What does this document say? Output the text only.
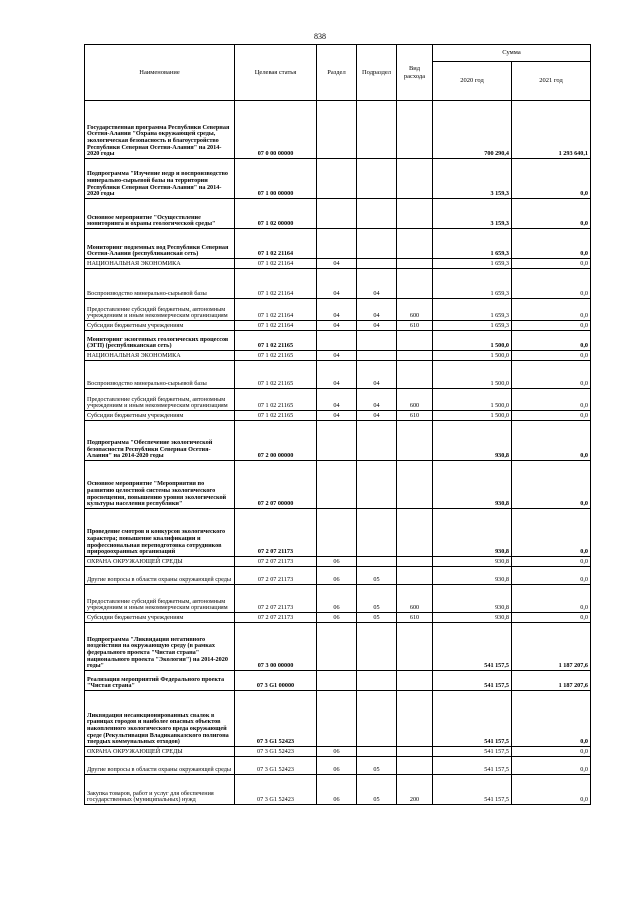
838
Наименование	Целевая статья	Раздел	Подраздел	Вид расхода	Сумма	
					2020 год	2021 год
Государственная программа Республики Северная Осетия-Алания "Охрана окружающей среды, экологическая безопасность и благоустройство Республики Северная Осетия-Алания" на 2014-2020 годы	07 0 00 00000				700 290,4	1 293 640,1
Подпрограмма "Изучение недр и воспроизводство минерально-сырьевой базы на территории Республики Северная Осетия-Алания" на 2014-2020 годы	07 1 00 00000				3 159,3	0,0
Основное мероприятие "Осуществление мониторинга и охраны геологической среды"	07 1 02 00000				3 159,3	0,0
Мониторинг подземных вод Республики Северная Осетия-Алания (республиканская сеть)	07 1 02 21164				1 659,3	0,0
НАЦИОНАЛЬНАЯ ЭКОНОМИКА	07 1 02 21164	04			1 659,3	0,0
Воспроизводство минерально-сырьевой базы	07 1 02 21164	04	04		1 659,3	0,0
Предоставление субсидий бюджетным, автономным учреждениям и иным некоммерческим организациям	07 1 02 21164	04	04	600	1 659,3	0,0
Субсидии бюджетным учреждениям	07 1 02 21164	04	04	610	1 659,3	0,0
Мониторинг экзогенных геологических процессов (ЭГП) (республиканская сеть)	07 1 02 21165				1 500,0	0,0
НАЦИОНАЛЬНАЯ ЭКОНОМИКА	07 1 02 21165	04			1 500,0	0,0
Воспроизводство минерально-сырьевой базы	07 1 02 21165	04	04		1 500,0	0,0
Предоставление субсидий бюджетным, автономным учреждениям и иным некоммерческим организациям	07 1 02 21165	04	04	600	1 500,0	0,0
Субсидии бюджетным учреждениям	07 1 02 21165	04	04	610	1 500,0	0,0
Подпрограмма "Обеспечение экологической безопасности Республики Северная Осетия-Алания" на 2014-2020 годы	07 2 00 00000				930,8	0,0
Основное мероприятие "Мероприятия по развитию целостной системы экологического просвещения, повышению уровня экологической культуры населения республики"	07 2 07 00000				930,8	0,0
Проведение смотров и конкурсов экологического характера; повышение квалификации и профессиональная переподготовка сотрудников природоохранных организаций	07 2 07 21173				930,8	0,0
ОХРАНА ОКРУЖАЮЩЕЙ СРЕДЫ	07 2 07 21173	06			930,8	0,0
Другие вопросы в области охраны окружающей среды	07 2 07 21173	06	05		930,8	0,0
Предоставление субсидий бюджетным, автономным учреждениям и иным некоммерческим организациям	07 2 07 21173	06	05	600	930,8	0,0
Субсидии бюджетным учреждениям	07 2 07 21173	06	05	610	930,8	0,0
Подпрограмма "Ликвидация негативного воздействия на окружающую среду (в рамках федерального проекта "Чистая страна" национального проекта "Экология") на 2014-2020 годы"	07 3 00 00000				541 157,5	1 187 207,6
Реализация мероприятий Федерального проекта "Чистая страна"	07 3 G1 00000				541 157,5	1 187 207,6
Ликвидация несанкционированных свалок в границах городов и наиболее опасных объектов накопленного экологического вреда окружающей среде (Рекультивация Владикавказского полигона твердых коммунальных отходов)	07 3 G1 52423				541 157,5	0,0
ОХРАНА ОКРУЖАЮЩЕЙ СРЕДЫ	07 3 G1 52423	06			541 157,5	0,0
Другие вопросы в области охраны окружающей среды	07 3 G1 52423	06	05		541 157,5	0,0
Закупка товаров, работ и услуг для обеспечения государственных (муниципальных) нужд	07 3 G1 52423	06	05	200	541 157,5	0,0
